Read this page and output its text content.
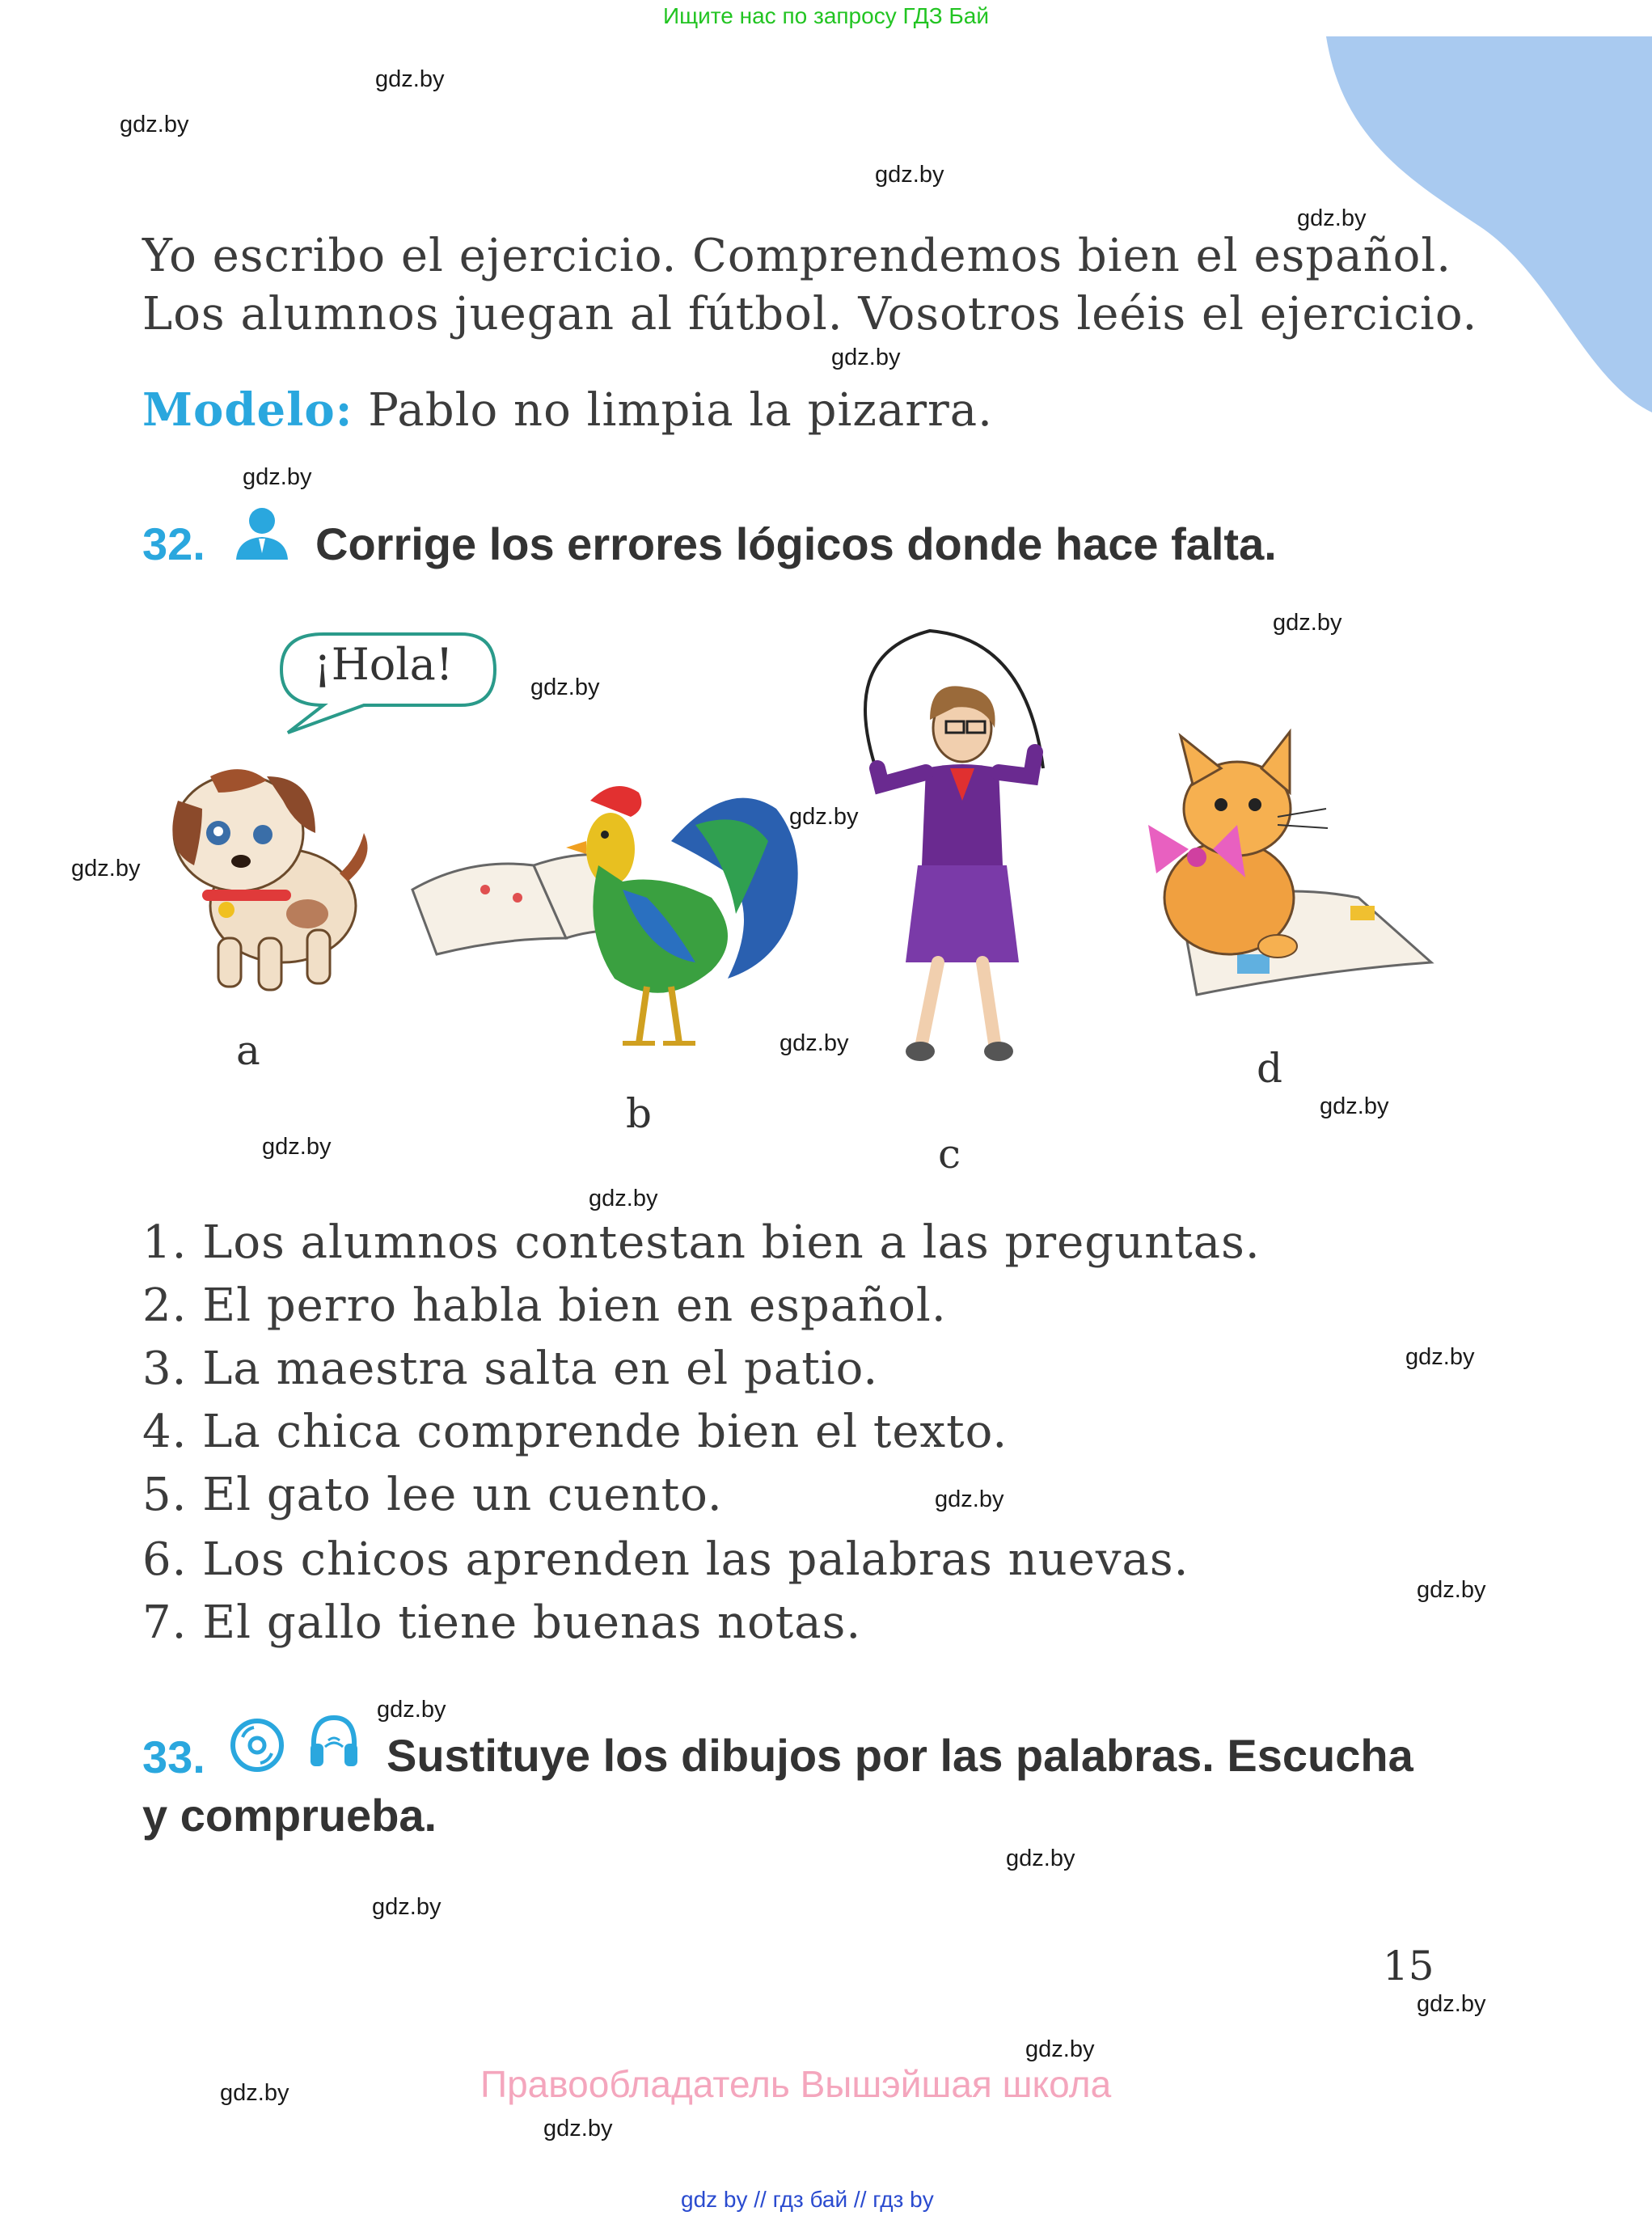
Ищите нас по запросу ГДЗ Бай
gdz.by
gdz.by
gdz.by
gdz.by
gdz.by
gdz.by
gdz.by
gdz.by
gdz.by
gdz.by
gdz.by
gdz.by
gdz.by
gdz.by
gdz.by
gdz.by
gdz.by
gdz.by
gdz.by
gdz.by
gdz.by
gdz.by
gdz.by
gdz.by
Yo escribo el ejercicio. Comprendemos bien el español.
Los alumnos juegan al fútbol. Vosotros leéis el ejercicio.
Modelo: Pablo no limpia la pizarra.
32. Corrige los errores lógicos donde hace falta.
¡Hola!
a
b
c
d
1. Los alumnos contestan bien a las preguntas.
2. El perro habla bien en español.
3. La maestra salta en el patio.
4. La chica comprende bien el texto.
5. El gato lee un cuento.
6. Los chicos aprenden las palabras nuevas.
7. El gallo tiene buenas notas.
33.	Sustituye los dibujos por las palabras. Escucha
y comprueba.
15
Правообладатель Вышэйшая школа
gdz by // гдз бай // гдз by
